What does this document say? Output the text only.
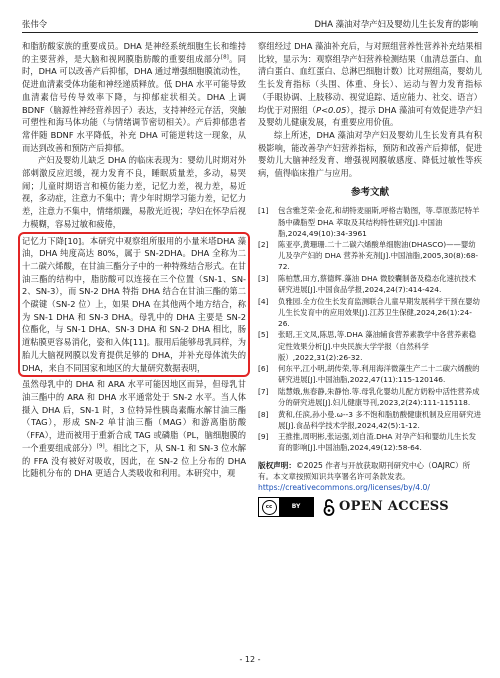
张伟令	DHA 藻油对孕产妇及婴幼儿生长发育的影响

和脂肪酸家族的重要成员。DHA 是神经系统细胞生长和维持的主要营养，是大脑和视网膜脂肪酸的重要组成部分[8]。同时，DHA 可以改善产后抑郁，DHA 通过增强细胞膜流动性，促进血清素受体功能和神经递质释放。低 DHA 水平可能导致血清素信号传导效率下降，与抑郁症状相关。DHA 上调 BDNF（脑源性神经营养因子）表达，支持神经元存活，突触可塑性和海马体功能（与情绪调节密切相关）。产后抑郁患者常伴随 BDNF 水平降低，补充 DHA 可能逆转这一现象，从而达到改善和预防产后抑郁。

产妇及婴幼儿缺乏 DHA 的临床表现为：婴幼儿时期对外部刺激反应迟缓，视力发育不良，睡眠质量差，多动，易哭闹；儿童时期语言和模仿能力差，记忆力差，视力差，易近视，多动症，注意力不集中；青少年时期学习能力差，记忆力差，注意力不集中，情绪烦躁，易散光近视；孕妇在怀孕后视力模糊，容易过敏和疲倦，

记忆力下降[10]。本研究中观察组所服用的小量米塔DHA 藻油，DHA 纯度高达 80%，属于 SN-2DHA。DHA 全称为二十二碳六烯酸，在甘油三酯分子中的一种特殊结合形式。在甘油三酯的结构中，脂肪酸可以连接在三个位置（SN-1、SN-2、SN-3），而 SN-2 DHA 特指 DHA 结合在甘油三酯的第二个碳键（SN-2 位）上，如果 DHA 在其他两个地方结合，称为 SN-1 DHA 和 SN-3 DHA。母乳中的 DHA 主要是 SN-2 位酯化，与 SN-1 DHA、SN-3 DHA 和 SN-2 DHA 相比，肠道粘膜更容易消化，姿和入体[11]。服用后能够母乳同样，为胎儿大脑视网膜以发育提供足够的 DHA，并补充母体流失的 DHA，来自不同国家和地区的大量研究数据表明，

虽然母乳中的 DHA 和 ARA 水平可能因地区而异，但母乳甘油三酯中的 ARA 和 DHA 水平通常处于 SN-2 水平。当人体摄入 DHA 后，SN-1 时，3 位特异性胰岛素酶水解甘油三酯（TAG），形成 SN-2 单甘油三酯（MAG）和游离脂肪酸（FFA），进而被用于重新合成 TAG 或磷脂（PL，脑细胞膜的一个重要组成部分）[9]。相比之下，从 SN-1 和 SN-3 位水解的 FFA 没有被好对吸收，因此，在 SN-2 位上分布的 DHA 比随机分布的 DHA 更适合人类吸收和利用。本研究中，观

察组经过 DHA 藻油补充后，与对照组营养性营养补充结果相比较，显示为：观察组孕产妇营养检测结果（血清总蛋白、血清白蛋白、血红蛋白、总淋巴细胞计数）比对照组高，婴幼儿生长发育指标（头围、体重、身长）、运动与智力发育指标（手眼协调、上肢移动、视觉追踪、适应能力、社交、语言）均优于对照组（P<0.05），提示 DHA 藻油可有效促进孕产妇及婴幼儿健康发展，有重要应用价值。

综上所述，DHA 藻油对孕产妇及婴幼儿生长发育具有积极影响，能改善孕产妇营养指标，预防和改善产后抑郁，促进婴幼儿大脑神经发育、增强视网膜敏感度、降低过敏性等疾病，值得临床推广与应用。

参考文献
[1]	包含雅芝荣·金花,和胡特麦丽斯,呼格吉勒图，等.草原蒸尼特羊肠中磷脂型 DHA 萃取及其结构特性研究[J].中国油脂,2024,49(10):34-3961
[2]	陈亚亭,黄珊珊.二十二碳六烯酸单细胞油(DHASCO)——婴幼儿及孕产妇的 DHA 营养补充剂[J].中国油脂,2005,30(8):68-72.
[3]	陈柏慧,田方,蔡德辉.藻油 DHA 微胶囊制备及稳态化速抗技术研究进展[J].中国食品学报,2024,24(7):414-424.
[4]	负雅园.全方位生长发育监测联合儿童早期发展科学干预在婴幼儿生长发育中的应用效果[J].江苏卫生保健,2024,26(1):24-26.
[5]	张昭,王文凤,陈思,等.DHA 藻油辅食营养素教学中各营养素稳定性效果分析[J].中央民族大学学报（自然科学版）,2022,31(2):26-32.
[6]	何东平,江小明,胡传荣,等.利用海洋微藻生产二十二碳六烯酸的研究进展[J].中国油脂,2022,47(11):115-120146.
[7]	陆慧娥,焦春静,朱静怡.等.母乳化婴幼儿配方奶粉中活性营养成分的研究进展[J].妇儿健康导刊,2023,2(24):111-115118.
[8]	黄和,任滨,孙小曼.ω--3 多不饱和脂肪酸健康机制及应用研究进展[J].食品科学技术学报,2024,42(5):1-12.
[9]	王推推,周明彬,张运强,刘自渣.DHA 对孕产妇和婴幼儿生长发育的影响[J].中国油脂,2024,49(12):58-64.
版权声明：©2025 作者与开放获取期刊研究中心（OAJRC）所有。本文章按照知识共享署名许可条款发表。
https://creativecommons.org/licenses/by/4.0/
cc	BY	OPEN ACCESS
- 12 -
